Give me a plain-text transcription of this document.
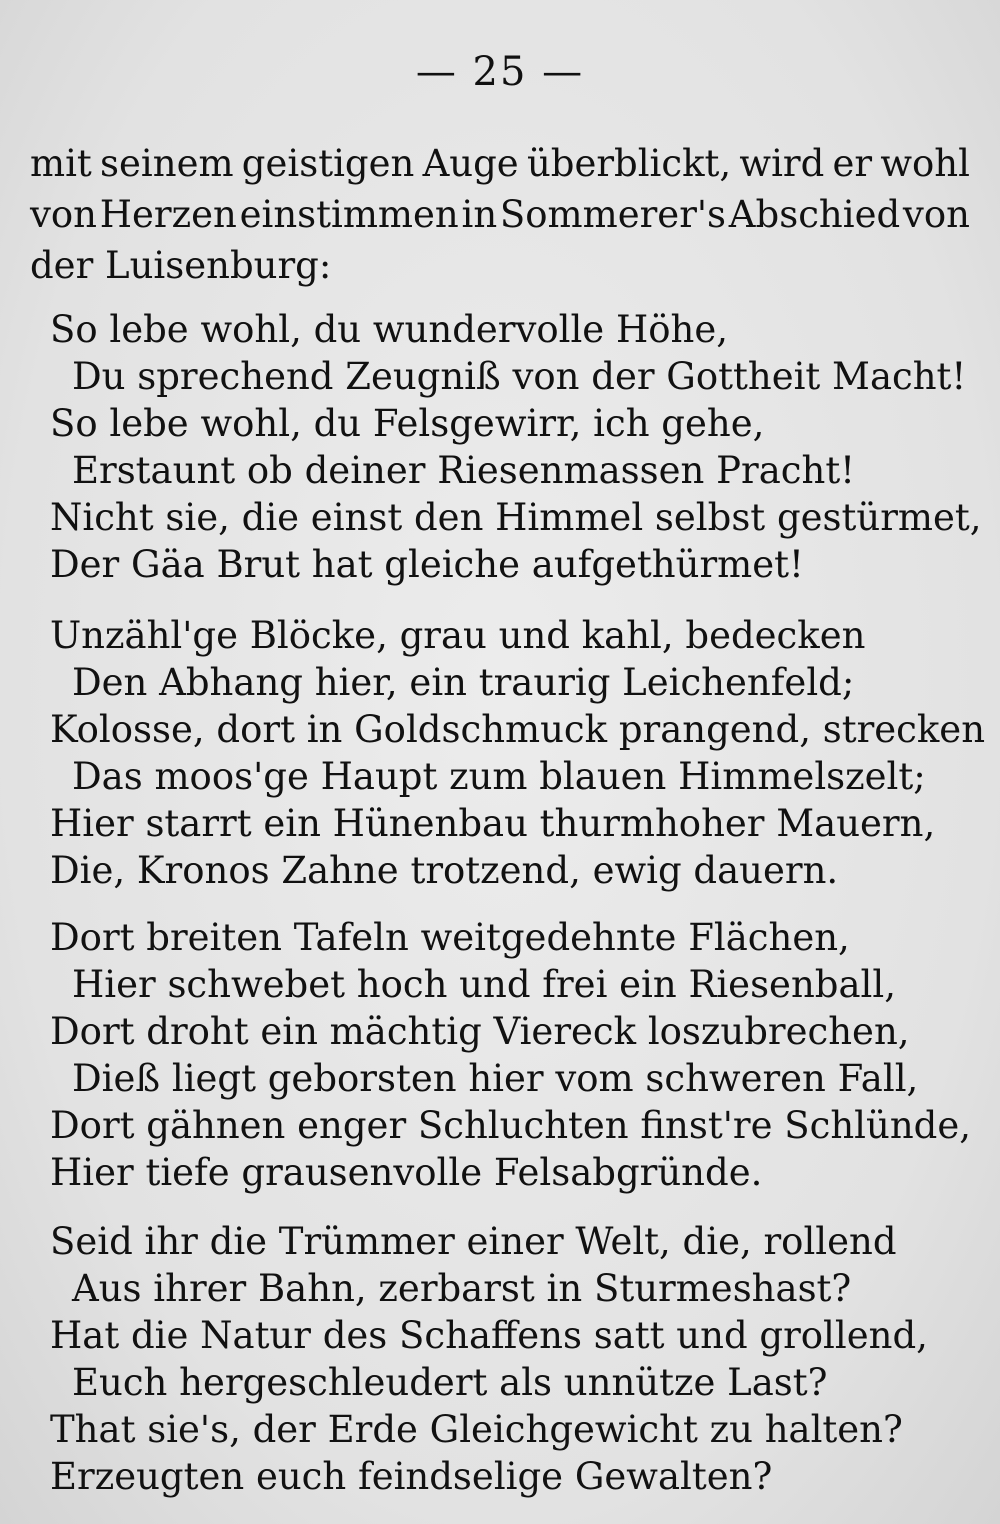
— 25 —
mit seinem geistigen Auge überblickt, wird er wohl
von Herzen einstimmen in Sommerer's Abschied von
der Luisenburg:
So lebe wohl, du wundervolle Höhe,
Du sprechend Zeugniß von der Gottheit Macht!
So lebe wohl, du Felsgewirr, ich gehe,
Erstaunt ob deiner Riesenmassen Pracht!
Nicht sie, die einst den Himmel selbst gestürmet,
Der Gäa Brut hat gleiche aufgethürmet!
Unzähl'ge Blöcke, grau und kahl, bedecken
Den Abhang hier, ein traurig Leichenfeld;
Kolosse, dort in Goldschmuck prangend, strecken
Das moos'ge Haupt zum blauen Himmelszelt;
Hier starrt ein Hünenbau thurmhoher Mauern,
Die, Kronos Zahne trotzend, ewig dauern.
Dort breiten Tafeln weitgedehnte Flächen,
Hier schwebet hoch und frei ein Riesenball,
Dort droht ein mächtig Viereck loszubrechen,
Dieß liegt geborsten hier vom schweren Fall,
Dort gähnen enger Schluchten finst're Schlünde,
Hier tiefe grausenvolle Felsabgründe.
Seid ihr die Trümmer einer Welt, die, rollend
Aus ihrer Bahn, zerbarst in Sturmeshast?
Hat die Natur des Schaffens satt und grollend,
Euch hergeschleudert als unnütze Last?
That sie's, der Erde Gleichgewicht zu halten?
Erzeugten euch feindselige Gewalten?
